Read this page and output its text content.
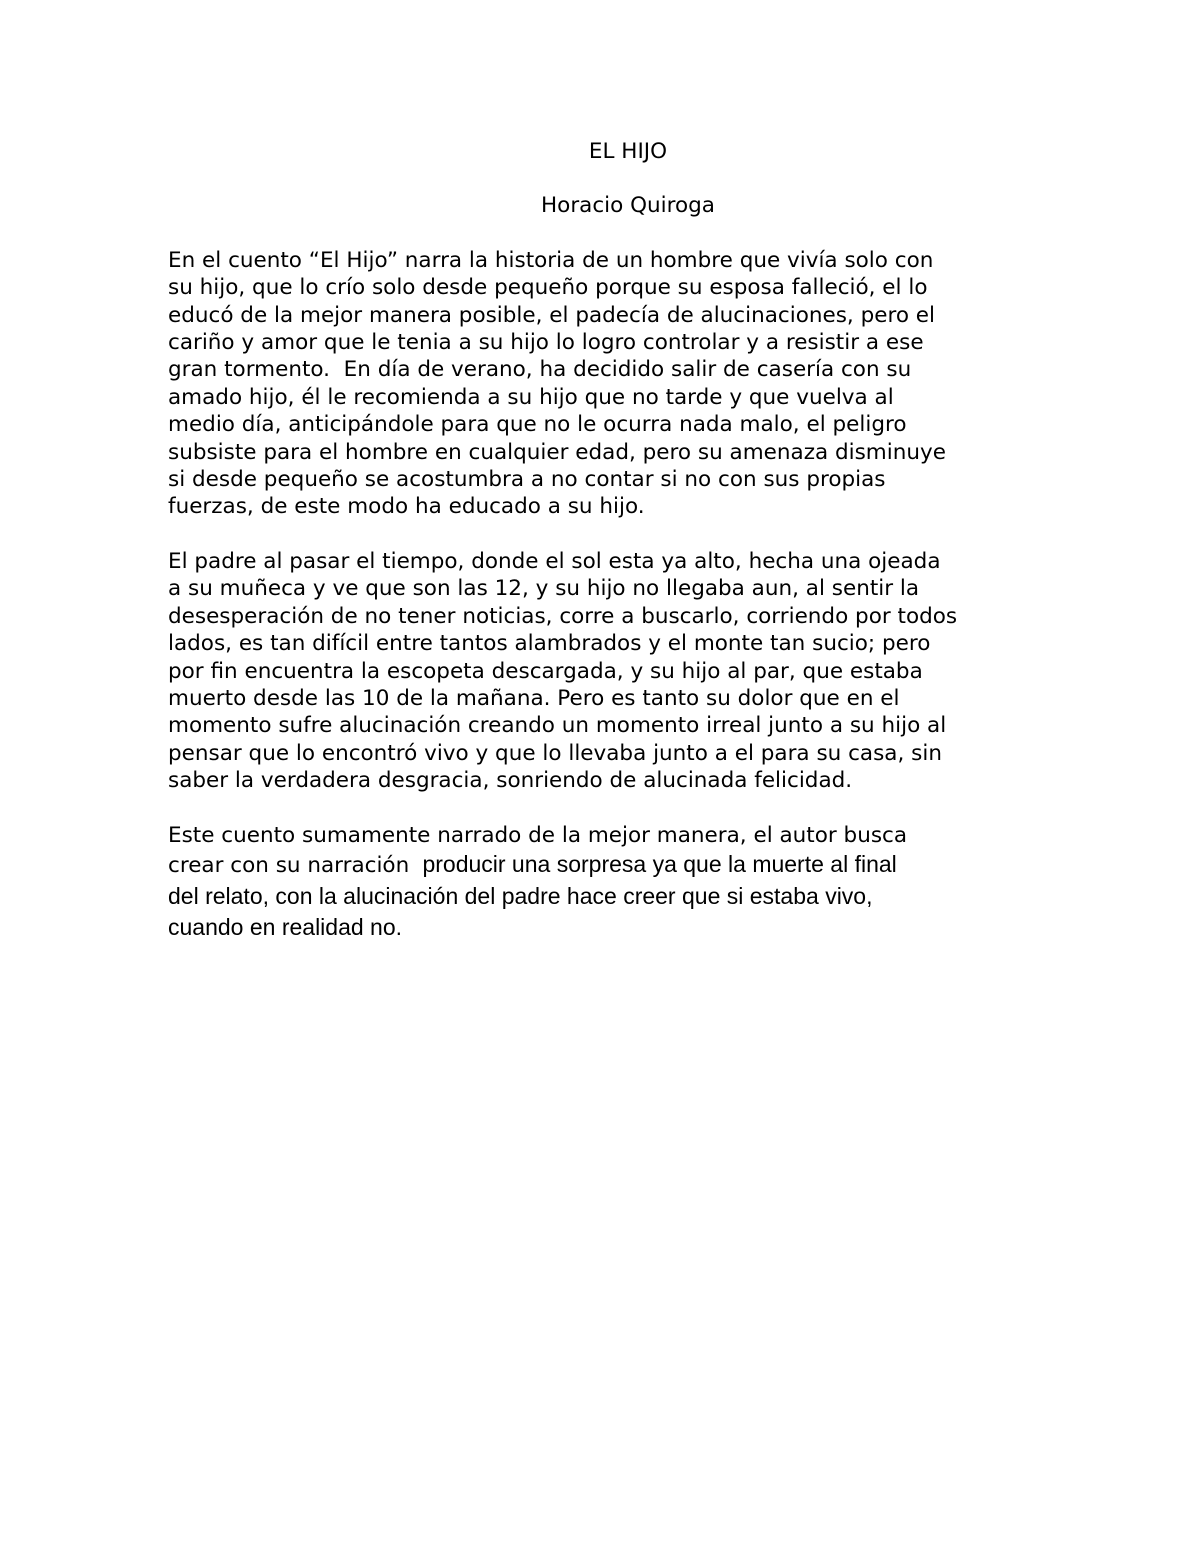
EL HIJO

Horacio Quiroga

En el cuento “El Hijo” narra la historia de un hombre que vivía solo con
su hijo, que lo crío solo desde pequeño porque su esposa falleció, el lo
educó de la mejor manera posible, el padecía de alucinaciones, pero el
cariño y amor que le tenia a su hijo lo logro controlar y a resistir a ese
gran tormento.  En día de verano, ha decidido salir de casería con su
amado hijo, él le recomienda a su hijo que no tarde y que vuelva al
medio día, anticipándole para que no le ocurra nada malo, el peligro
subsiste para el hombre en cualquier edad, pero su amenaza disminuye
si desde pequeño se acostumbra a no contar si no con sus propias
fuerzas, de este modo ha educado a su hijo.

El padre al pasar el tiempo, donde el sol esta ya alto, hecha una ojeada
a su muñeca y ve que son las 12, y su hijo no llegaba aun, al sentir la
desesperación de no tener noticias, corre a buscarlo, corriendo por todos
lados, es tan difícil entre tantos alambrados y el monte tan sucio; pero
por fin encuentra la escopeta descargada, y su hijo al par, que estaba
muerto desde las 10 de la mañana. Pero es tanto su dolor que en el
momento sufre alucinación creando un momento irreal junto a su hijo al
pensar que lo encontró vivo y que lo llevaba junto a el para su casa, sin
saber la verdadera desgracia, sonriendo de alucinada felicidad.

Este cuento sumamente narrado de la mejor manera, el autor busca
crear con su narración  producir una sorpresa ya que la muerte al final
del relato, con la alucinación del padre hace creer que si estaba vivo,
cuando en realidad no.
